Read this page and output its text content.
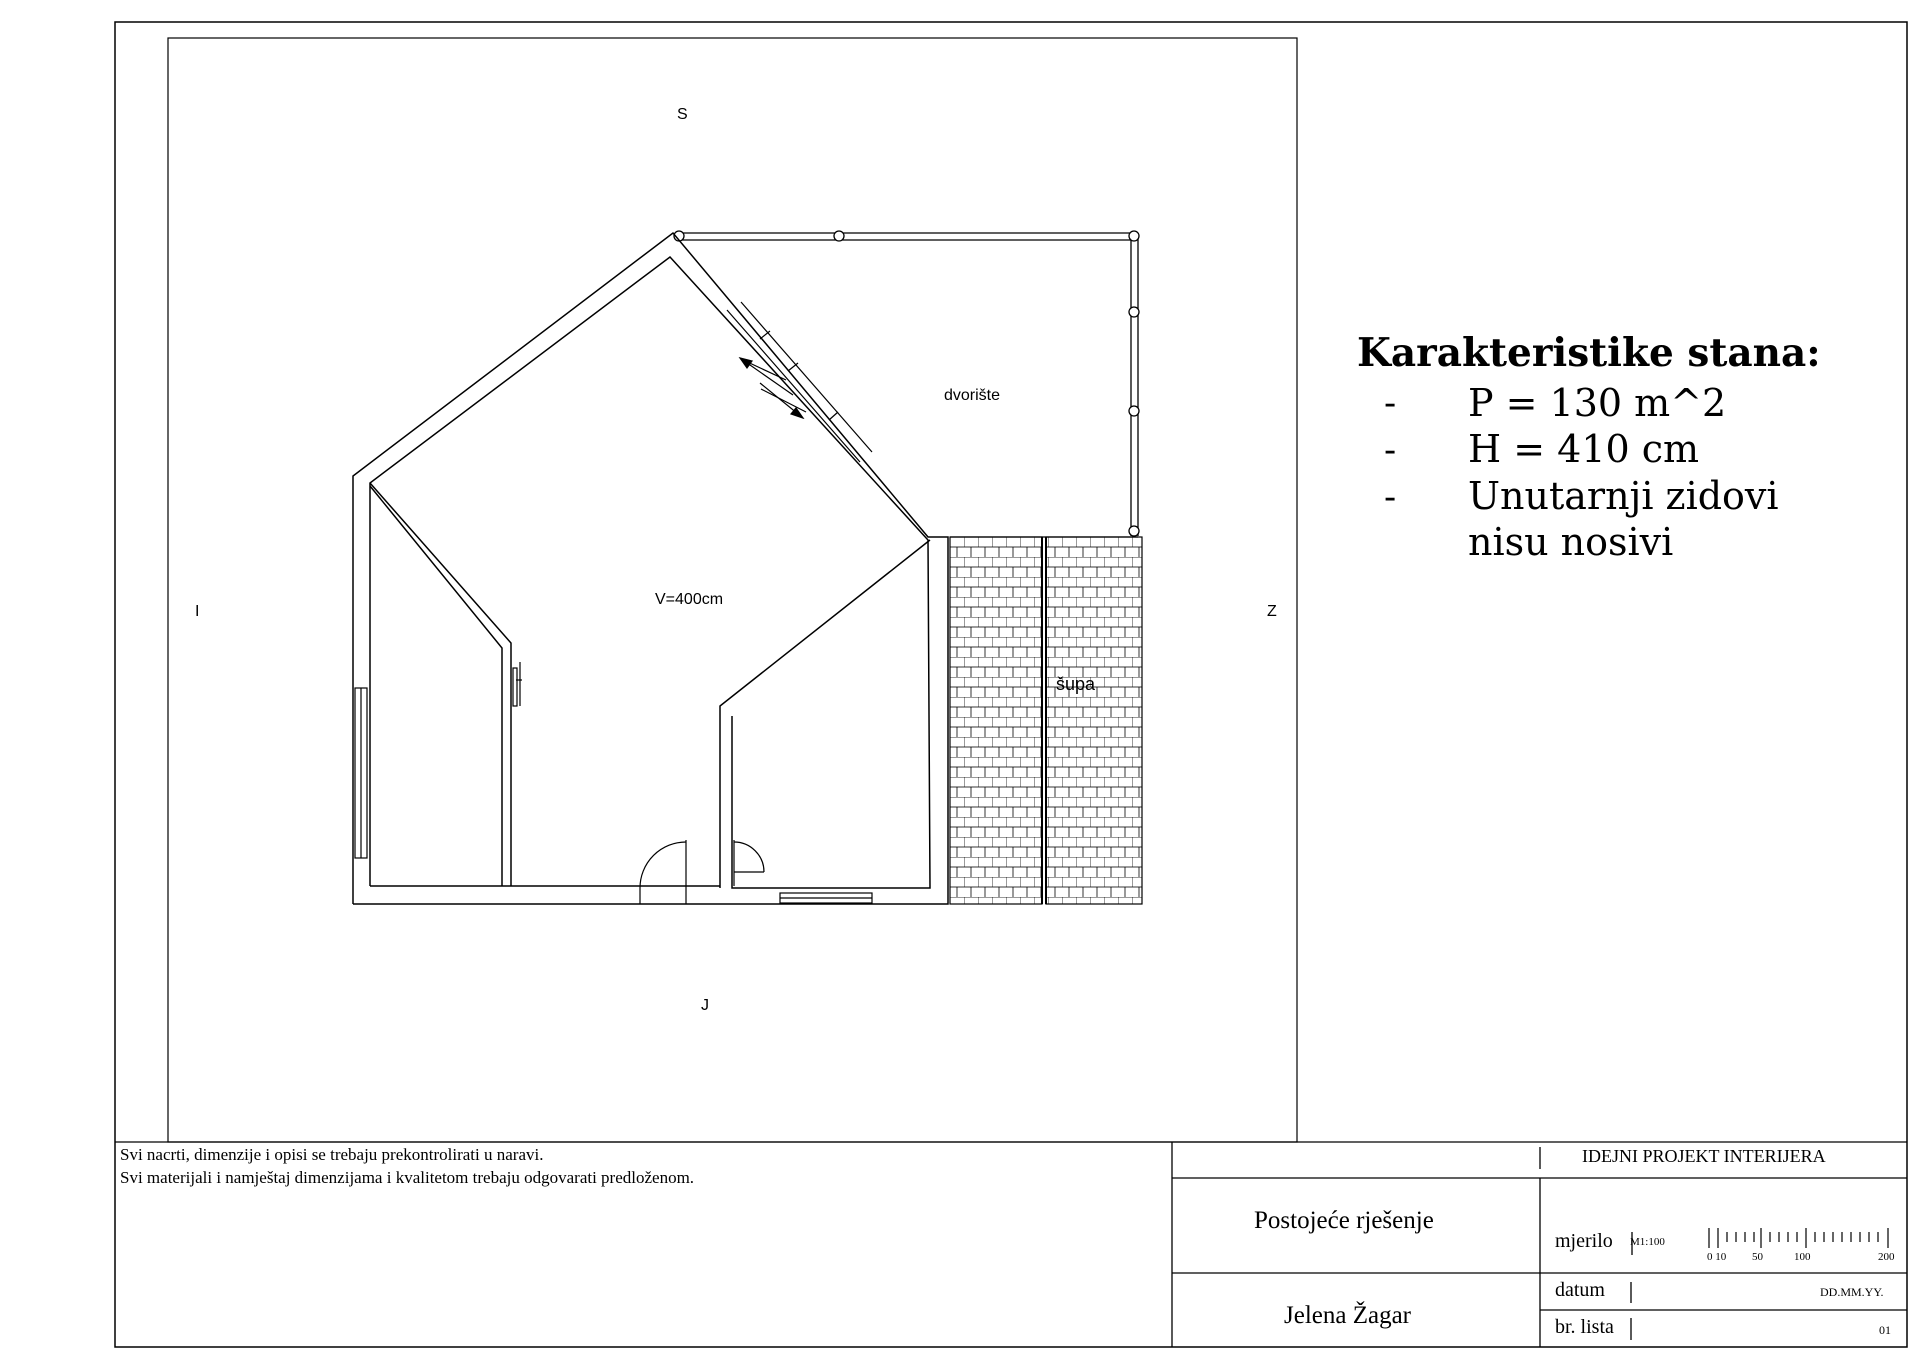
S
I	Z
J
dvorište
V=400cm
šupa
Karakteristike stana:
- P = 130 m^2
- H = 410 cm
- Unutarnji zidovi
nisu nosivi
Svi nacrti, dimenzije i opisi se trebaju prekontrolirati u naravi.
Svi materijali i namještaj dimenzijama i kvalitetom trebaju odgovarati predloženom.
IDEJNI PROJEKT INTERIJERA
Postojeće rješenje
Jelena Žagar
mjerilo M1:100
0 10 50	100	200
datum	DD.MM.YY.
br. lista	01
